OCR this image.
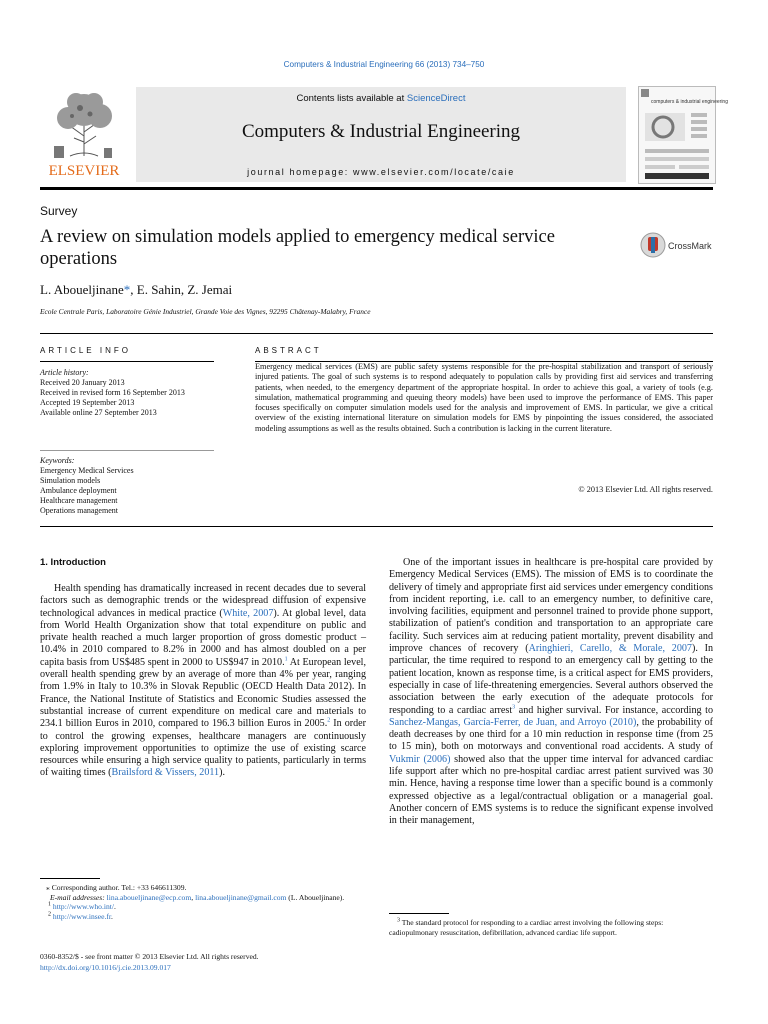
Computers & Industrial Engineering 66 (2013) 734–750
ELSEVIER
Contents lists available at ScienceDirect
Computers & Industrial Engineering
journal homepage: www.elsevier.com/locate/caie
computers & industrial engineering
Survey
A review on simulation models applied to emergency medical service operations
CrossMark
L. Aboueljinane*, E. Sahin, Z. Jemai
Ecole Centrale Paris, Laboratoire Génie Industriel, Grande Voie des Vignes, 92295 Châtenay-Malabry, France
ARTICLE INFO	ABSTRACT
Article history:
Received 20 January 2013
Received in revised form 16 September 2013
Accepted 19 September 2013
Available online 27 September 2013
Keywords:
Emergency Medical Services
Simulation models
Ambulance deployment
Healthcare management
Operations management
Emergency medical services (EMS) are public safety systems responsible for the pre-hospital stabilization and transport of seriously injured patients. The goal of such systems is to respond adequately to population calls by providing first aid services and transferring patients, when needed, to the emergency department of the appropriate hospital. In order to achieve this goal, a variety of tools (e.g. simulation, mathematical programming and queuing theory models) have been used to improve the performance of EMS. This paper focuses specifically on computer simulation models used for the analysis and improvement of EMS. In particular, we give a critical overview of the existing international literature on simulation models for EMS by pinpointing the issues considered, the associated modeling assumptions as well as the results obtained. Such a contribution is lacking in the current literature.
© 2013 Elsevier Ltd. All rights reserved.
1. Introduction

Health spending has dramatically increased in recent decades due to several factors such as demographic trends or the widespread diffusion of expensive technological advances in medical practice (White, 2007). At global level, data from World Health Organization show that total expenditure on public and private health reached a much larger proportion of gross domestic product – 10.4% in 2010 compared to 8.2% in 2000 and has almost doubled on a per capita basis from US$485 spent in 2000 to US$947 in 2010.$^1$ At European level, overall health spending grew by an average of more than 4% per year, ranging from 1.9% in Italy to 10.3% in Slovak Republic (OECD Health Data 2012). In France, the National Institute of Statistics and Economic Studies assessed the substantial increase of current expenditure on medical care and materials to 234.1 billion Euros in 2010, compared to 196.3 billion Euros in 2005.$^2$ In order to control the growing expenses, healthcare managers are continuously exploring improvement opportunities to optimize the use of existing scarce resources while ensuring a high service quality to patients, particularly in terms of waiting times (Brailsford & Vissers, 2011).

One of the important issues in healthcare is pre-hospital care provided by Emergency Medical Services (EMS). The mission of EMS is to coordinate the delivery of timely and appropriate first aid services under emergency conditions from incident reporting, i.e. call to an emergency number, to definitive care, involving facilities, equipment and personnel trained to provide phone support, stabilization of patient's condition and transportation to an appropriate care facility. Such services aim at reducing patient mortality, prevent disability and improve chances of recovery (Aringhieri, Carello, & Morale, 2007). In particular, the time required to respond to an emergency call by getting to the patient location, known as response time, is a critical aspect for EMS providers, especially in case of life-threatening emergencies. Several authors observed the association between the early execution of the adequate protocols for responding to a cardiac arrest$^3$ and higher survival. For instance, according to Sanchez-Mangas, García-Ferrer, de Juan, and Arroyo (2010), the probability of death decreases by one third for a 10 min reduction in response time (from 25 to 15 min), both on motorways and conventional road accidents. A study of Vukmir (2006) showed also that the upper time interval for advanced cardiac life support after which no pre-hospital cardiac arrest patient survived was 30 min. Hence, having a response time lower than a specific bound is a commonly expressed objective as a legal/contractual obligation or a managerial goal. Another concern of EMS systems is to reduce the significant expense involved in their management,

⁎ Corresponding author. Tel.: +33 646611309.
E-mail addresses: lina.aboueljinane@ecp.com, lina.aboueljinane@gmail.com (L. Aboueljinane).
$^1$ http://www.who.int/.
$^2$ http://www.insee.fr.	$^3$ The standard protocol for responding to a cardiac arrest involving the following steps: cadiopulmonary resuscitation, defibrillation, advanced cardiac life support.
0360-8352/$ - see front matter © 2013 Elsevier Ltd. All rights reserved.
http://dx.doi.org/10.1016/j.cie.2013.09.017
